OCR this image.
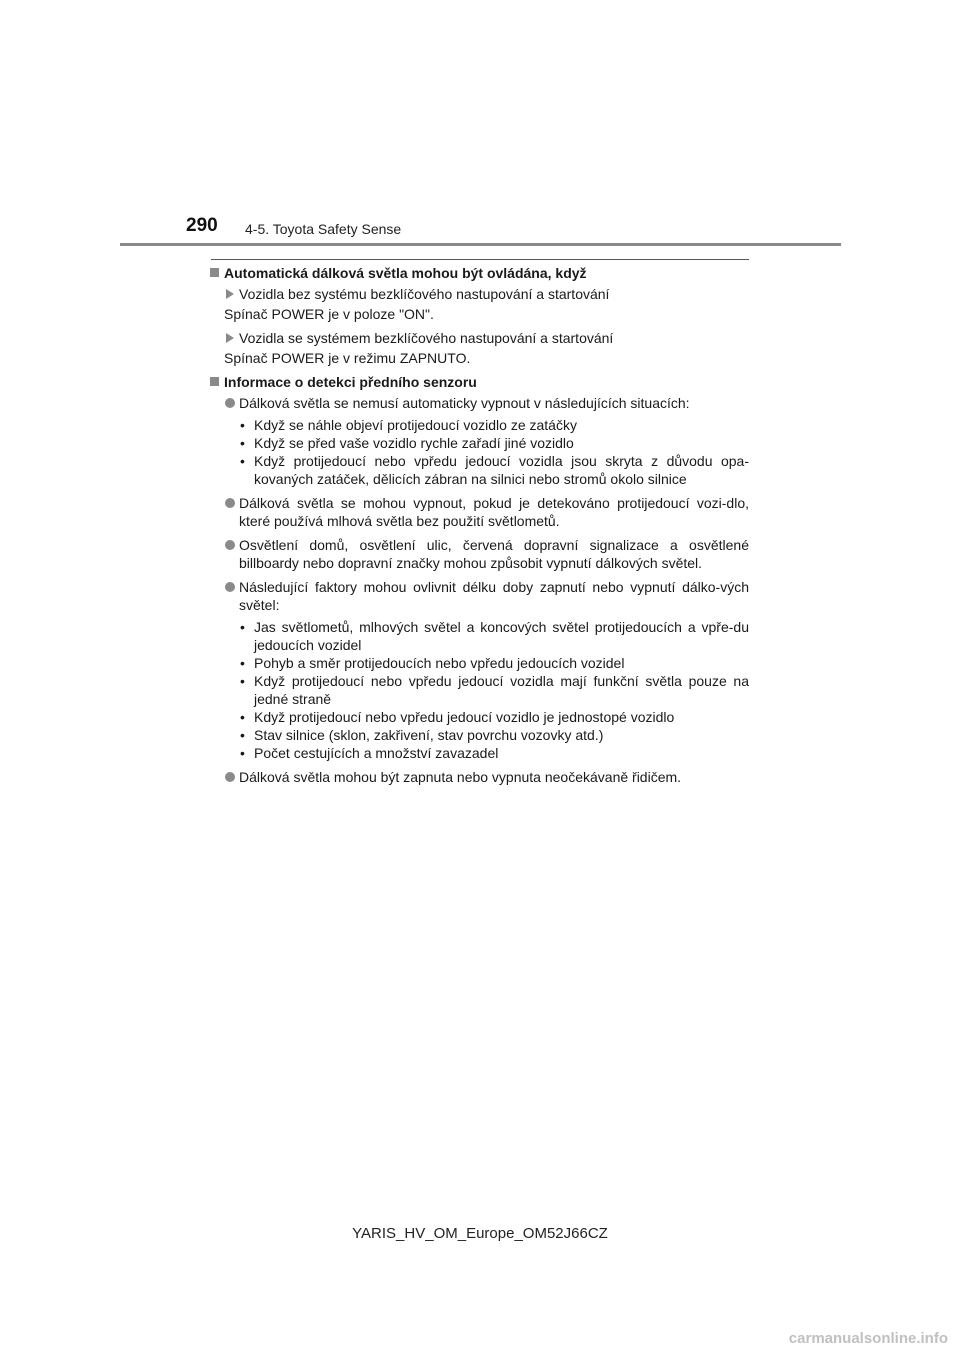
290 4-5. Toyota Safety Sense
Automatická dálková světla mohou být ovládána, když
Vozidla bez systému bezklíčového nastupování a startování
Spínač POWER je v poloze "ON".
Vozidla se systémem bezklíčového nastupování a startování
Spínač POWER je v režimu ZAPNUTO.
Informace o detekci předního senzoru
Dálková světla se nemusí automaticky vypnout v následujících situacích:
• Když se náhle objeví protijedoucí vozidlo ze zatáčky
• Když se před vaše vozidlo rychle zařadí jiné vozidlo
• Když protijedoucí nebo vpředu jedoucí vozidla jsou skryta z důvodu opa-kovaných zatáček, dělicích zábran na silnici nebo stromů okolo silnice
Dálková světla se mohou vypnout, pokud je detekováno protijedoucí vozi-dlo, které používá mlhová světla bez použití světlometů.
Osvětlení domů, osvětlení ulic, červená dopravní signalizace a osvětlené billboardy nebo dopravní značky mohou způsobit vypnutí dálkových světel.
Následující faktory mohou ovlivnit délku doby zapnutí nebo vypnutí dálko-vých světel:
• Jas světlometů, mlhových světel a koncových světel protijedoucích a vpře-du jedoucích vozidel
• Pohyb a směr protijedoucích nebo vpředu jedoucích vozidel
• Když protijedoucí nebo vpředu jedoucí vozidla mají funkční světla pouze na jedné straně
• Když protijedoucí nebo vpředu jedoucí vozidlo je jednostopé vozidlo
• Stav silnice (sklon, zakřivení, stav povrchu vozovky atd.)
• Počet cestujících a množství zavazadel
Dálková světla mohou být zapnuta nebo vypnuta neočekávaně řidičem.
YARIS_HV_OM_Europe_OM52J66CZ
carmanualsonline.info
